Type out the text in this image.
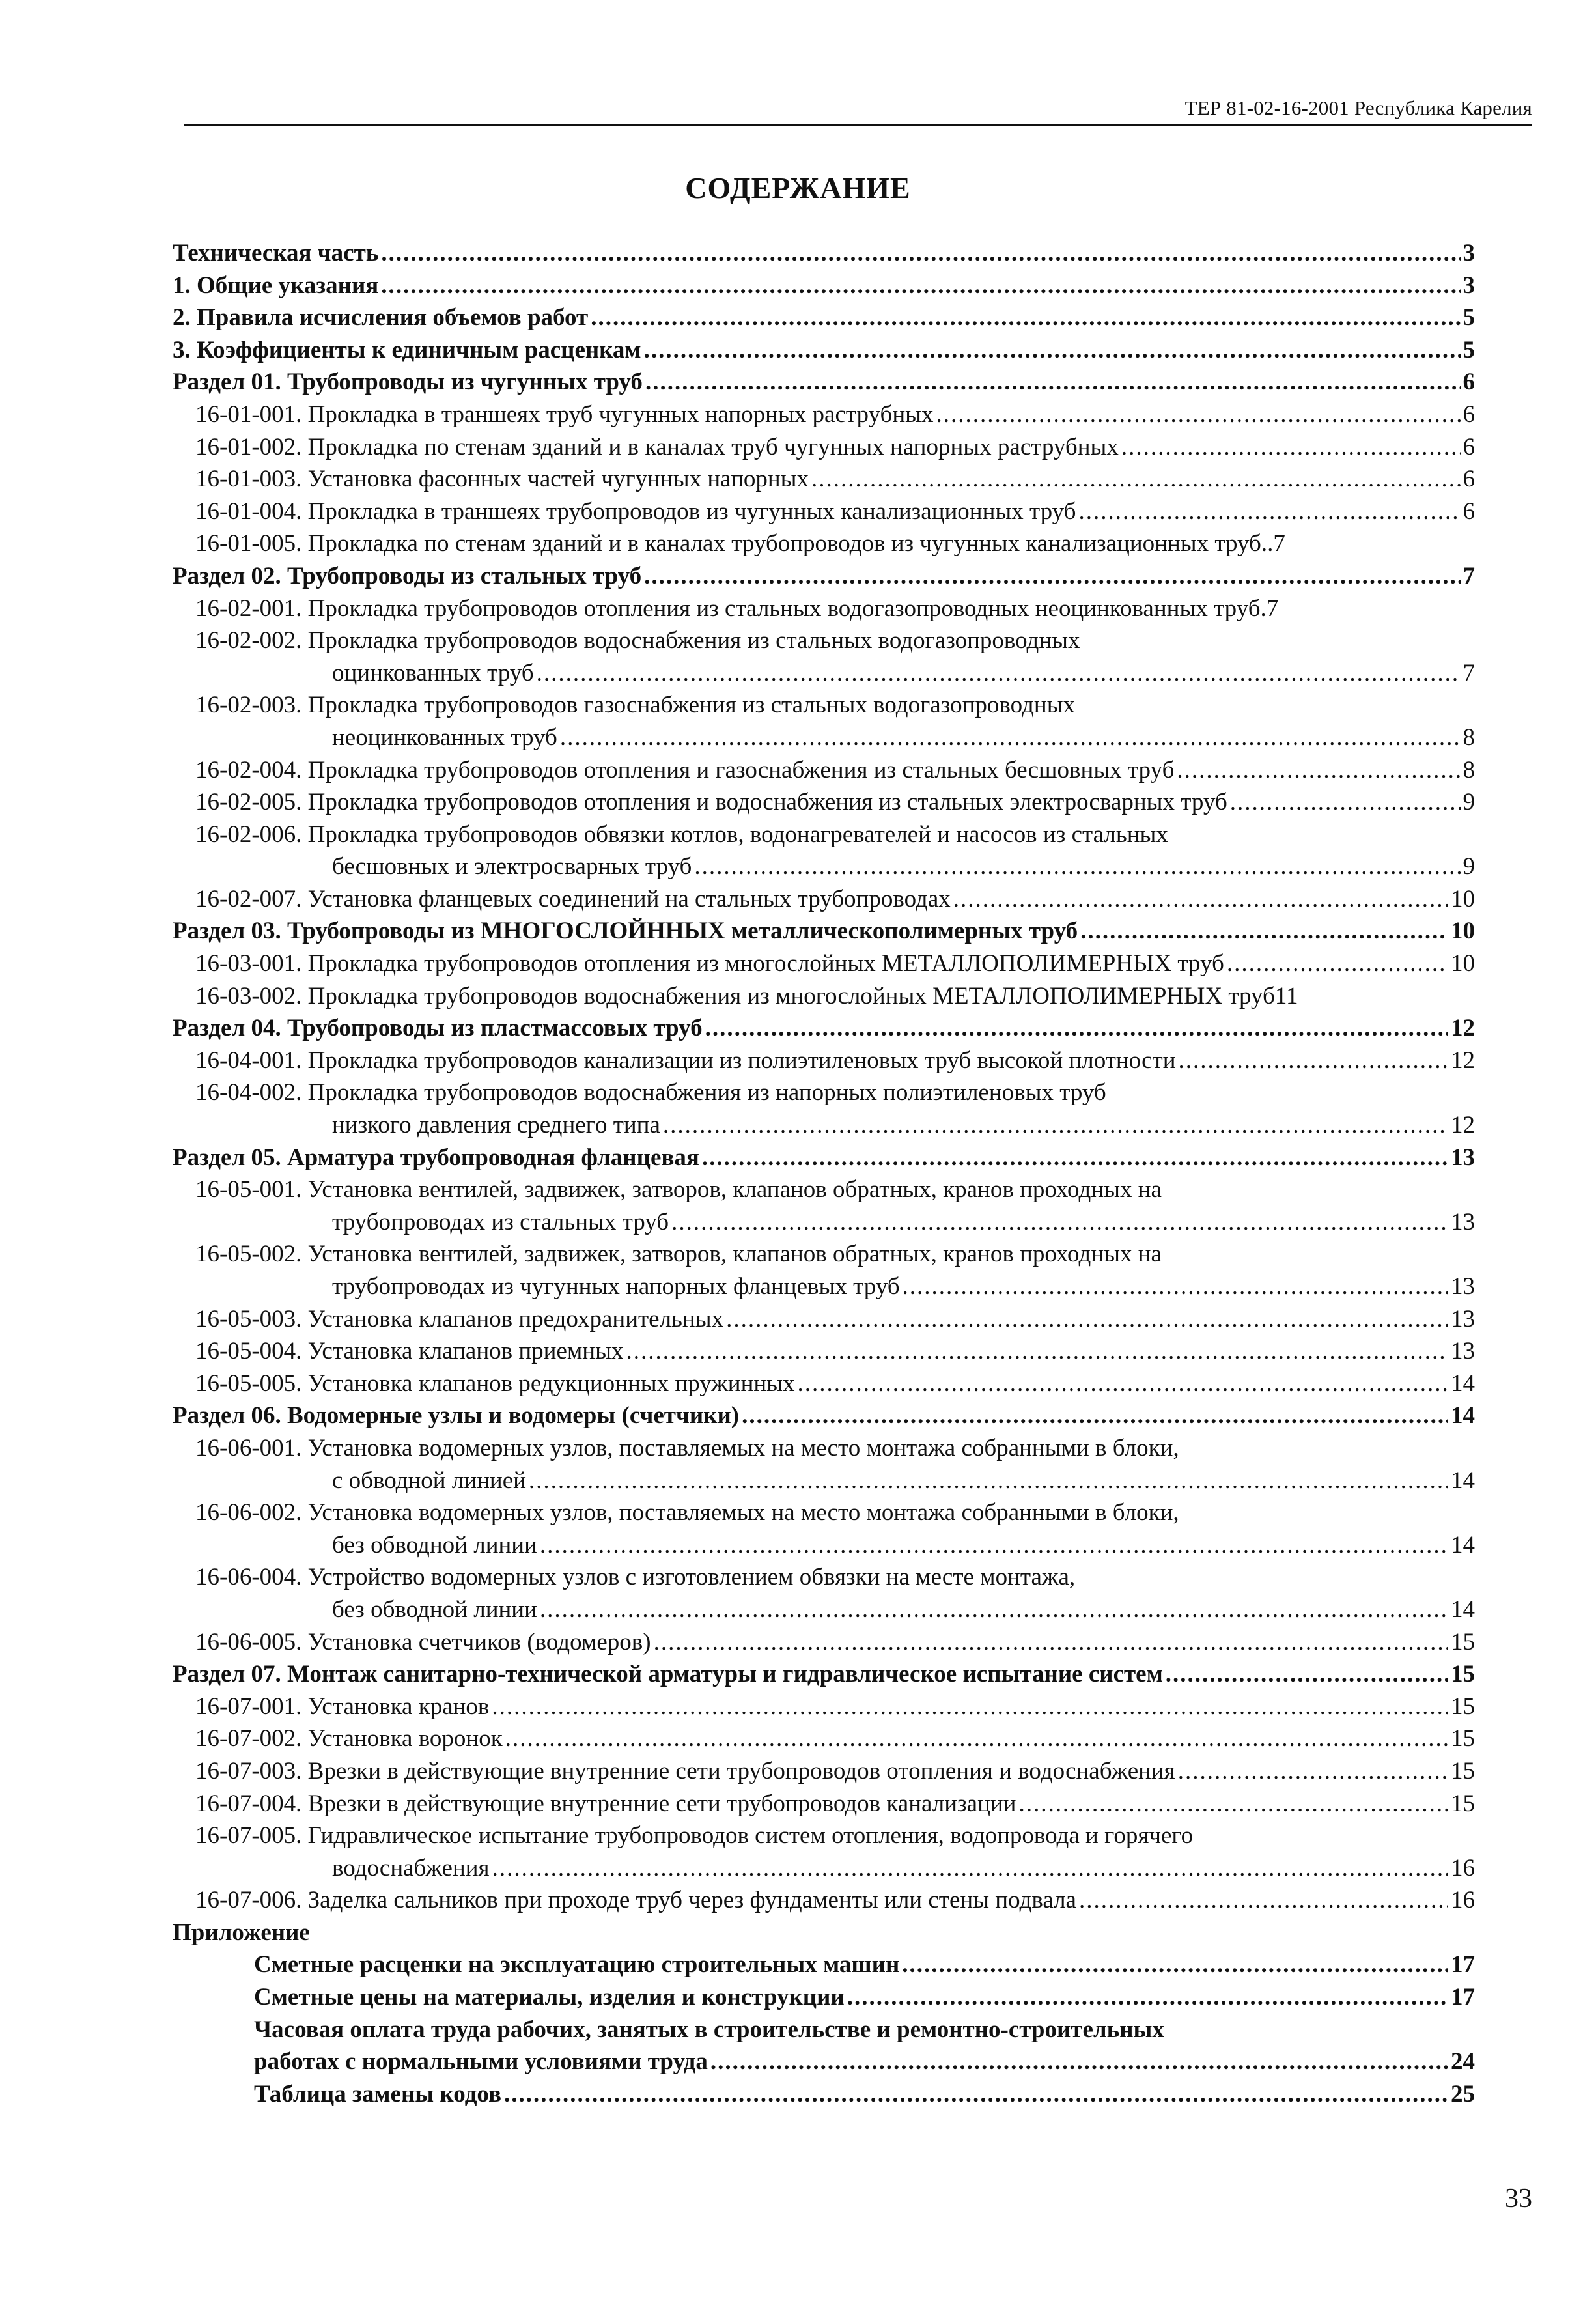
ТЕР 81-02-16-2001 Республика Карелия
СОДЕРЖАНИЕ
Техническая часть .....	3
1. Общие указания .....	3
2. Правила исчисления объемов работ .....	5
3. Коэффициенты к единичным расценкам .....	5
Раздел 01. Трубопроводы из чугунных труб .....	6
16-01-001. Прокладка в траншеях труб чугунных напорных раструбных .....	6
16-01-002. Прокладка по стенам зданий и в каналах труб чугунных напорных раструбных .....	6
16-01-003. Установка фасонных частей чугунных напорных .....	6
16-01-004. Прокладка в траншеях трубопроводов из чугунных канализационных труб .....	6
16-01-005. Прокладка по стенам зданий и в каналах трубопроводов из чугунных канализационных труб ..7
Раздел 02. Трубопроводы из стальных труб .....	7
16-02-001. Прокладка трубопроводов отопления из стальных водогазопроводных неоцинкованных труб .7
16-02-002. Прокладка трубопроводов водоснабжения из стальных водогазопроводных
оцинкованных труб .....	7
16-02-003. Прокладка трубопроводов газоснабжения из стальных водогазопроводных
неоцинкованных труб .....	8
16-02-004. Прокладка трубопроводов отопления и газоснабжения из стальных бесшовных труб .....	8
16-02-005. Прокладка трубопроводов отопления и водоснабжения из стальных электросварных труб .....	9
16-02-006. Прокладка трубопроводов обвязки котлов, водонагревателей и насосов из стальных
бесшовных и электросварных труб .....	9
16-02-007. Установка фланцевых соединений на стальных трубопроводах .....	10
Раздел 03. Трубопроводы из МНОГОСЛОЙННЫХ металлическополимерных труб .....	10
16-03-001. Прокладка трубопроводов отопления из многослойных МЕТАЛЛОПОЛИМЕРНЫХ труб .....	10
16-03-002. Прокладка трубопроводов водоснабжения из многослойных МЕТАЛЛОПОЛИМЕРНЫХ труб11
Раздел 04. Трубопроводы из пластмассовых труб .....	12
16-04-001. Прокладка трубопроводов канализации из полиэтиленовых труб высокой плотности .....	12
16-04-002. Прокладка трубопроводов водоснабжения из напорных полиэтиленовых труб
низкого давления среднего типа .....	12
Раздел 05. Арматура трубопроводная фланцевая .....	13
16-05-001. Установка вентилей, задвижек, затворов, клапанов обратных, кранов проходных на
трубопроводах из стальных труб .....	13
16-05-002. Установка вентилей, задвижек, затворов, клапанов обратных, кранов проходных на
трубопроводах из чугунных напорных фланцевых труб .....	13
16-05-003. Установка клапанов предохранительных .....	13
16-05-004. Установка клапанов приемных .....	13
16-05-005. Установка клапанов редукционных пружинных .....	14
Раздел 06. Водомерные узлы и водомеры (счетчики) .....	14
16-06-001. Установка водомерных узлов, поставляемых на место монтажа собранными в блоки,
с обводной линией .....	14
16-06-002. Установка водомерных узлов, поставляемых на место монтажа собранными в блоки,
без обводной линии .....	14
16-06-004. Устройство водомерных узлов с изготовлением обвязки на месте монтажа,
без обводной линии .....	14
16-06-005. Установка счетчиков (водомеров) .....	15
Раздел 07. Монтаж санитарно-технической арматуры и гидравлическое испытание систем .....	15
16-07-001. Установка кранов .....	15
16-07-002. Установка воронок .....	15
16-07-003. Врезки в действующие внутренние сети трубопроводов отопления и водоснабжения .....	15
16-07-004. Врезки в действующие внутренние сети трубопроводов канализации .....	15
16-07-005. Гидравлическое испытание трубопроводов систем отопления, водопровода и горячего
водоснабжения .....	16
16-07-006. Заделка сальников при проходе труб через фундаменты или стены подвала .....	16
Приложение
Сметные расценки на эксплуатацию строительных машин .....	17
Сметные цены на материалы, изделия и конструкции .....	17
Часовая оплата труда рабочих, занятых в строительстве и ремонтно-строительных
работах с нормальными условиями труда .....	24
Таблица замены кодов .....	25
33
